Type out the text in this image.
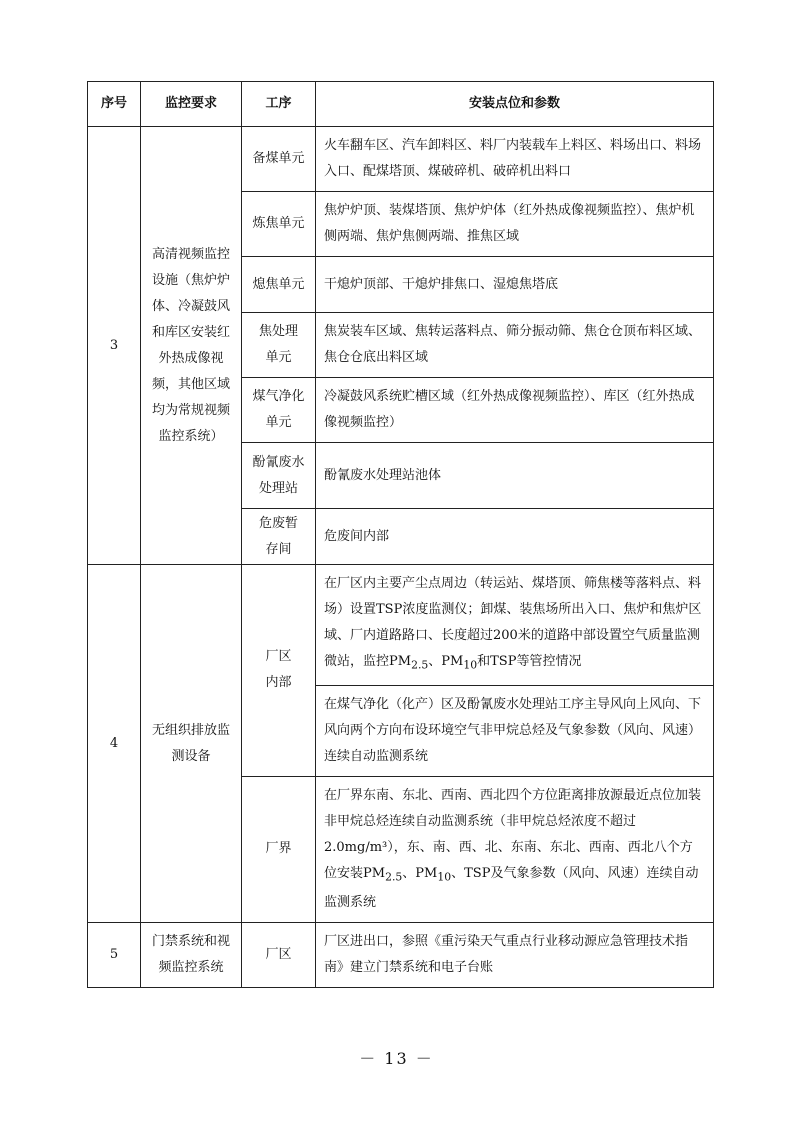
序号	监控要求	工序	安装点位和参数
3	高清视频监控设施（焦炉炉体、冷凝鼓风和库区安装红外热成像视频，其他区域均为常规视频监控系统）	备煤单元	火车翻车区、汽车卸料区、料厂内装载车上料区、料场出口、料场入口、配煤塔顶、煤破碎机、破碎机出料口
		炼焦单元	焦炉炉顶、装煤塔顶、焦炉炉体（红外热成像视频监控）、焦炉机侧两端、焦炉焦侧两端、推焦区域
		熄焦单元	干熄炉顶部、干熄炉排焦口、湿熄焦塔底
		焦处理单元	焦炭装车区域、焦转运落料点、筛分振动筛、焦仓仓顶布料区域、焦仓仓底出料区域
		煤气净化单元	冷凝鼓风系统贮槽区域（红外热成像视频监控）、库区（红外热成像视频监控）
		酚氰废水处理站	酚氰废水处理站池体
		危废暂存间	危废间内部
4	无组织排放监测设备	厂区内部	在厂区内主要产尘点周边（转运站、煤塔顶、筛焦楼等落料点、料场）设置TSP浓度监测仪；卸煤、装焦场所出入口、焦炉和焦炉区域、厂内道路路口、长度超过200米的道路中部设置空气质量监测微站，监控$PM_{2.5}$、$PM_{10}$和TSP等管控情况
			在煤气净化（化产）区及酚氰废水处理站工序主导风向上风向、下风向两个方向布设环境空气非甲烷总烃及气象参数（风向、风速）连续自动监测系统
		厂界	在厂界东南、东北、西南、西北四个方位距离排放源最近点位加装非甲烷总烃连续自动监测系统（非甲烷总烃浓度不超过2.0mg/m³），东、南、西、北、东南、东北、西南、西北八个方位安装$PM_{2.5}$、$PM_{10}$、TSP及气象参数（风向、风速）连续自动监测系统
5	门禁系统和视频监控系统	厂区	厂区进出口，参照《重污染天气重点行业移动源应急管理技术指南》建立门禁系统和电子台账
－ 13 －
